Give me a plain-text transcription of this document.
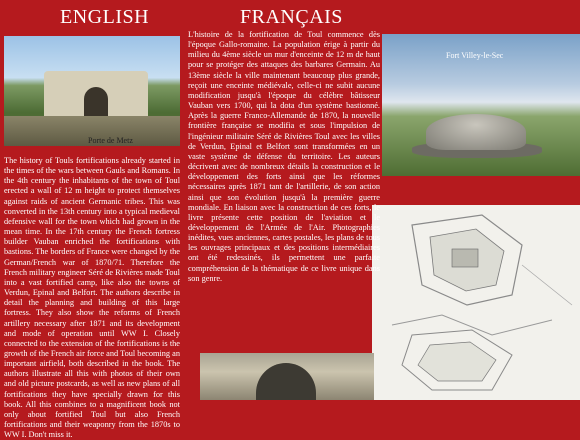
ENGLISH	FRANÇAIS
Porte de Metz
Fort Villey-le-Sec

The history of Touls fortifications already started in the times of the wars between Gauls and Romans. In the 4th century the inhabitants of the town of Toul erected a wall of 12 m height to protect themselves against raids of ancient Germanic tribes. This was converted in the 13th century into a typical medieval defensive wall for the town which had grown in the mean time. In the 17th century the French fortress builder Vauban enriched the fortifications with bastions. The borders of France were changed by the German/French war of 1870/71. Therefore the French military engineer Séré de Rivières made Toul into a vast fortified camp, like also the towns of Verdun, Epinal and Belfort. The authors describe in detail the planning and building of this large fortress. They also show the reforms of French artillery necessary after 1871 and its development and mode of operation until WW I. Closely connected to the extension of the fortifications is the growth of the French air force and Toul becoming an important airfield, both described in the book. The authors illustrate all this with photos of their own and old picture postcards, as well as new plans of all fortifications they have specially drawn for this book. All this combines to a magnificent book not only about fortified Toul but also French fortifications and their weaponry from the 1870s to WW I. Don't miss it.

L'histoire de la fortification de Toul commence dès l'époque Gallo-romaine. La population érige à partir du milieu du 4ème siècle un mur d'enceinte de 12 m de haut pour se protéger des attaques des barbares Germain. Au 13ème siècle la ville maintenant beaucoup plus grande, reçoit une enceinte médiévale, celle-ci ne subit aucune modification jusqu'à l'époque du célèbre bâtisseur Vauban vers 1700, qui la dota d'un système bastionné. Après la guerre Franco-Allemande de 1870, la nouvelle frontière française se modifia et sous l'impulsion de l'ingénieur militaire Séré de Rivières Toul avec les villes de Verdun, Epinal et Belfort sont transformées en un vaste système de défense du territoire. Les auteurs décrivent avec de nombreux détails la construction et le développement des forts ainsi que les réformes nécessaires après 1871 tant de l'artillerie, de son action ainsi que son évolution jusqu'à la première guerre mondiale. En liaison avec la construction de ces forts, le livre présente cette position de l'aviation et le développement de l'Armée de l'Air. Photographies inédites, vues anciennes, cartes postales, les plans de tous les ouvrages principaux et des positions intermédiaires ont été redessinés, ils permettent une parfaite compréhension de la thématique de ce livre unique dans son genre.
